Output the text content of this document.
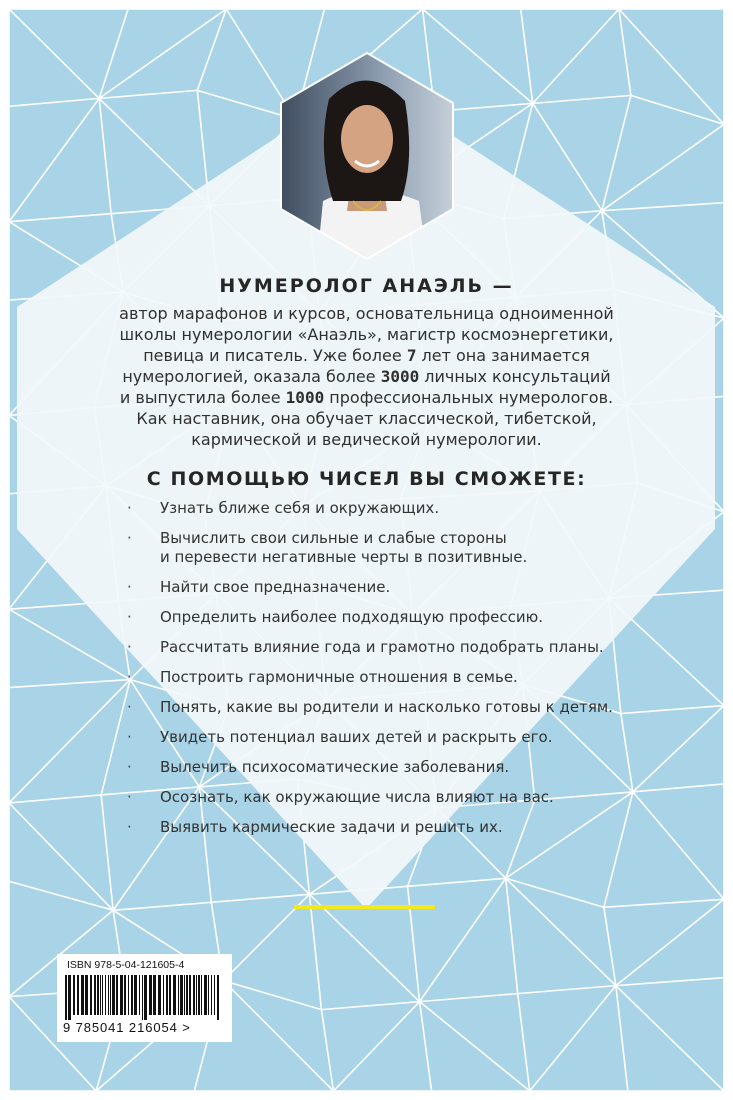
НУМЕРОЛОГ АНАЭЛЬ —

автор марафонов и курсов, основательница одноименной
школы нумерологии «Анаэль», магистр космоэнергетики,
певица и писатель. Уже более 7 лет она занимается
нумерологией, оказала более 3000 личных консультаций
и выпустила более 1000 профессиональных нумерологов.
Как наставник, она обучает классической, тибетской,
кармической и ведической нумерологии.

С ПОМОЩЬЮ ЧИСЕЛ ВЫ СМОЖЕТЕ:
· Узнать ближе себя и окружающих.
· Вычислить свои сильные и слабые стороны
и перевести негативные черты в позитивные.
· Найти свое предназначение.
· Определить наиболее подходящую профессию.
· Рассчитать влияние года и грамотно подобрать планы.
· Построить гармоничные отношения в семье.
· Понять, какие вы родители и насколько готовы к детям.
· Увидеть потенциал ваших детей и раскрыть его.
· Вылечить психосоматические заболевания.
· Осознать, как окружающие числа влияют на вас.
· Выявить кармические задачи и решить их.
ISBN 978-5-04-121605-4
9 785041 216054 >
